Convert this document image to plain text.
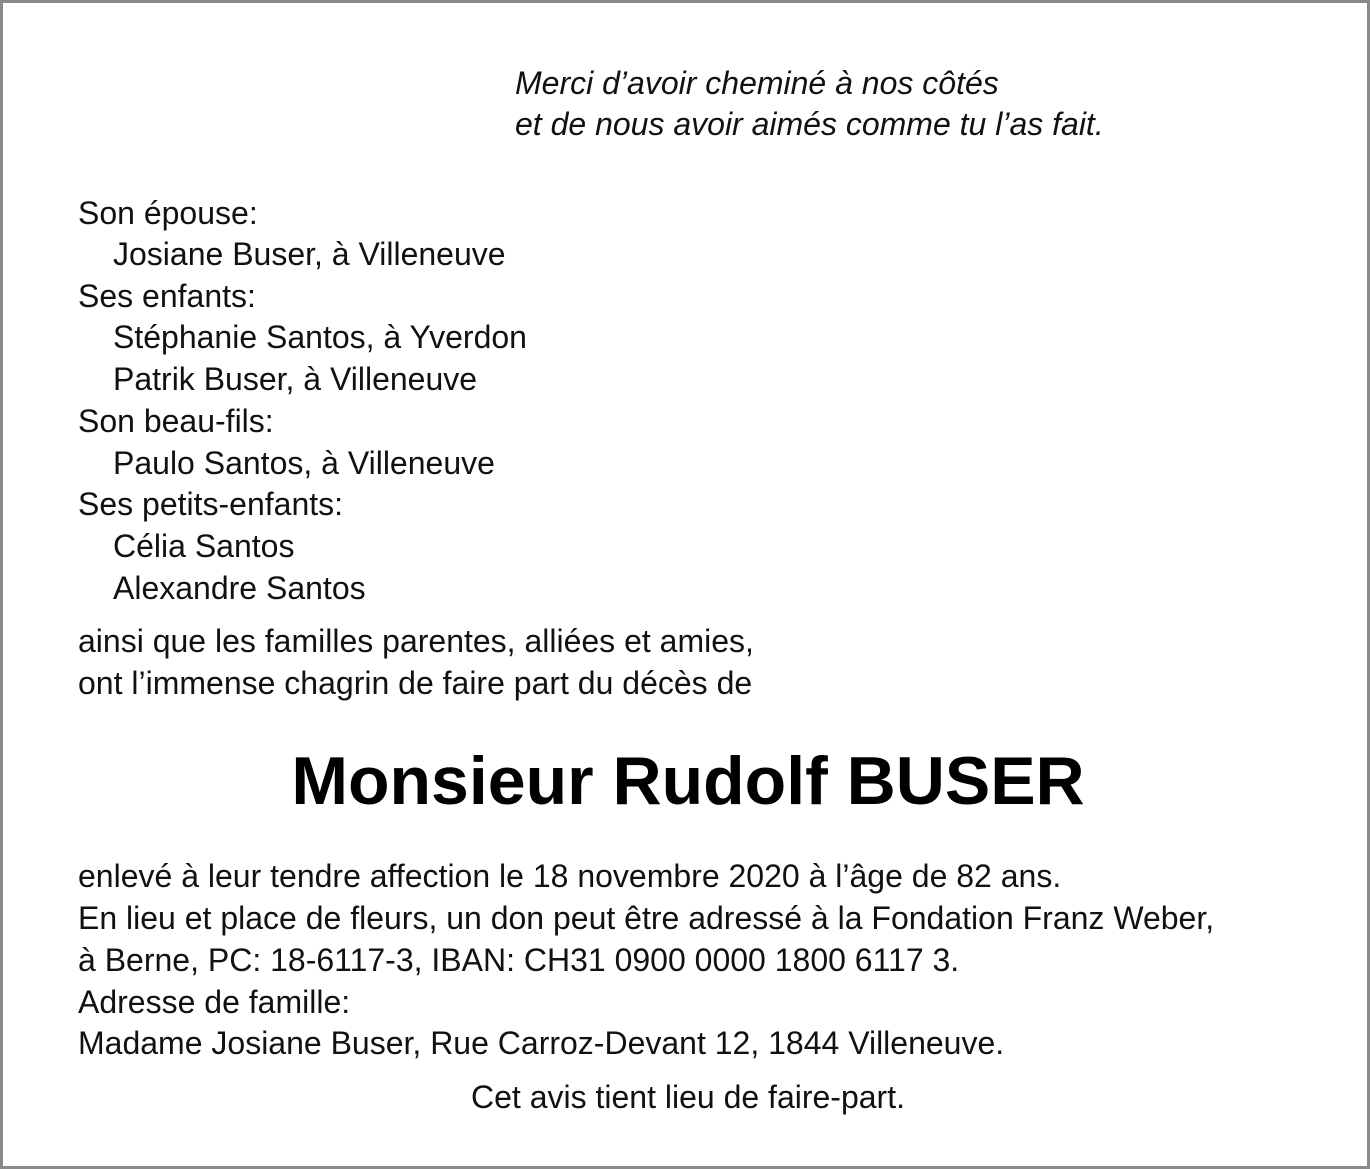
Merci d’avoir cheminé à nos côtés

et de nous avoir aimés comme tu l’as fait.

Son épouse:

Josiane Buser, à Villeneuve

Ses enfants:

Stéphanie Santos, à Yverdon

Patrik Buser, à Villeneuve

Son beau-fils:

Paulo Santos, à Villeneuve

Ses petits-enfants:

Célia Santos

Alexandre Santos

ainsi que les familles parentes, alliées et amies,

ont l’immense chagrin de faire part du décès de

Monsieur Rudolf BUSER

enlevé à leur tendre affection le 18 novembre 2020 à l’âge de 82 ans.

En lieu et place de fleurs, un don peut être adressé à la Fondation Franz Weber,

à Berne, PC: 18-6117-3, IBAN: CH31 0900 0000 1800 6117 3.

Adresse de famille:

Madame Josiane Buser, Rue Carroz-Devant 12, 1844 Villeneuve.

Cet avis tient lieu de faire-part.
